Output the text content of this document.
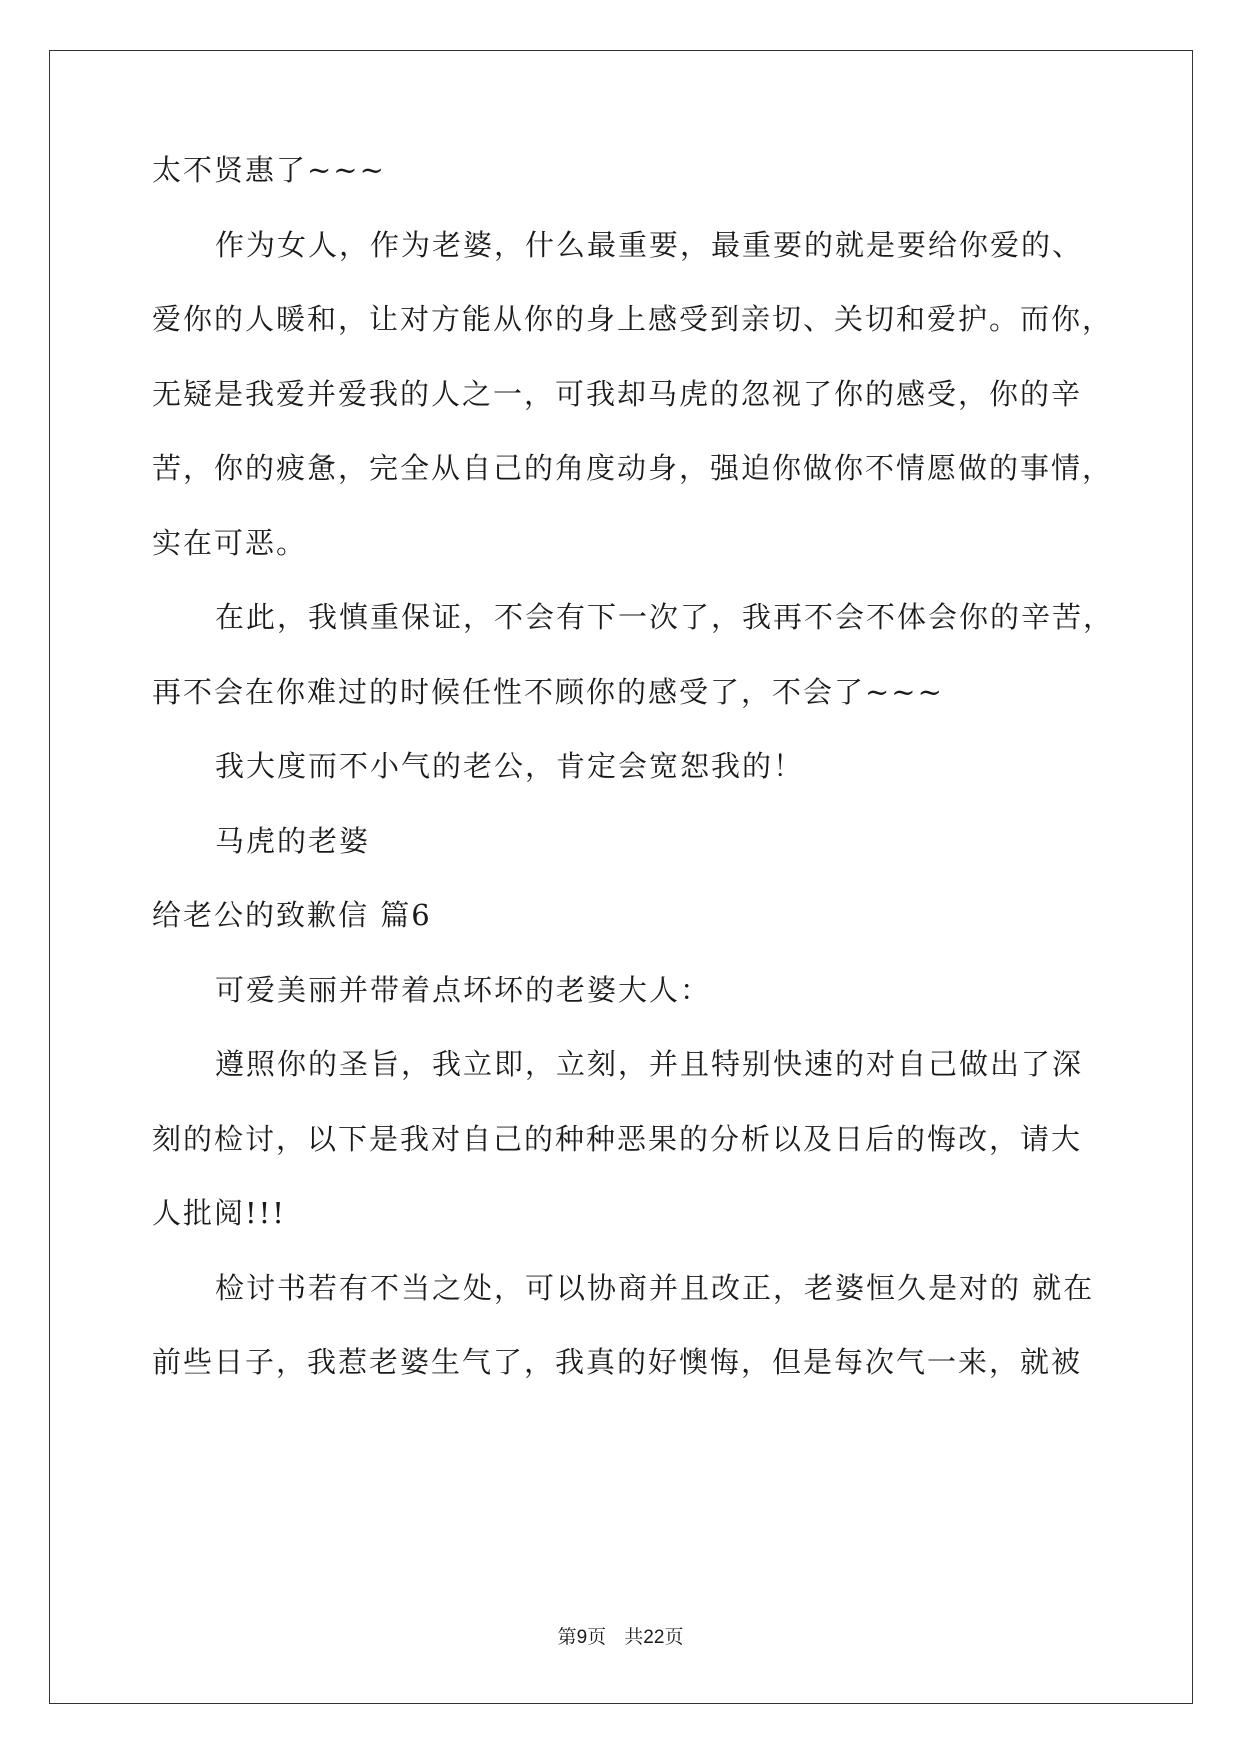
太不贤惠了~~~
作为女人，作为老婆，什么最重要，最重要的就是要给你爱的、
爱你的人暖和，让对方能从你的身上感受到亲切、关切和爱护。而你，
无疑是我爱并爱我的人之一，可我却马虎的忽视了你的感受，你的辛
苦，你的疲惫，完全从自己的角度动身，强迫你做你不情愿做的事情，
实在可恶。
在此，我慎重保证，不会有下一次了，我再不会不体会你的辛苦，
再不会在你难过的时候任性不顾你的感受了，不会了~~~
我大度而不小气的老公，肯定会宽恕我的！
马虎的老婆
给老公的致歉信 篇6
可爱美丽并带着点坏坏的老婆大人：
遵照你的圣旨，我立即，立刻，并且特别快速的对自己做出了深
刻的检讨，以下是我对自己的种种恶果的分析以及日后的悔改，请大
人批阅!!!
检讨书若有不当之处，可以协商并且改正，老婆恒久是对的 就在
前些日子，我惹老婆生气了，我真的好懊悔，但是每次气一来，就被
第9页 共22页
